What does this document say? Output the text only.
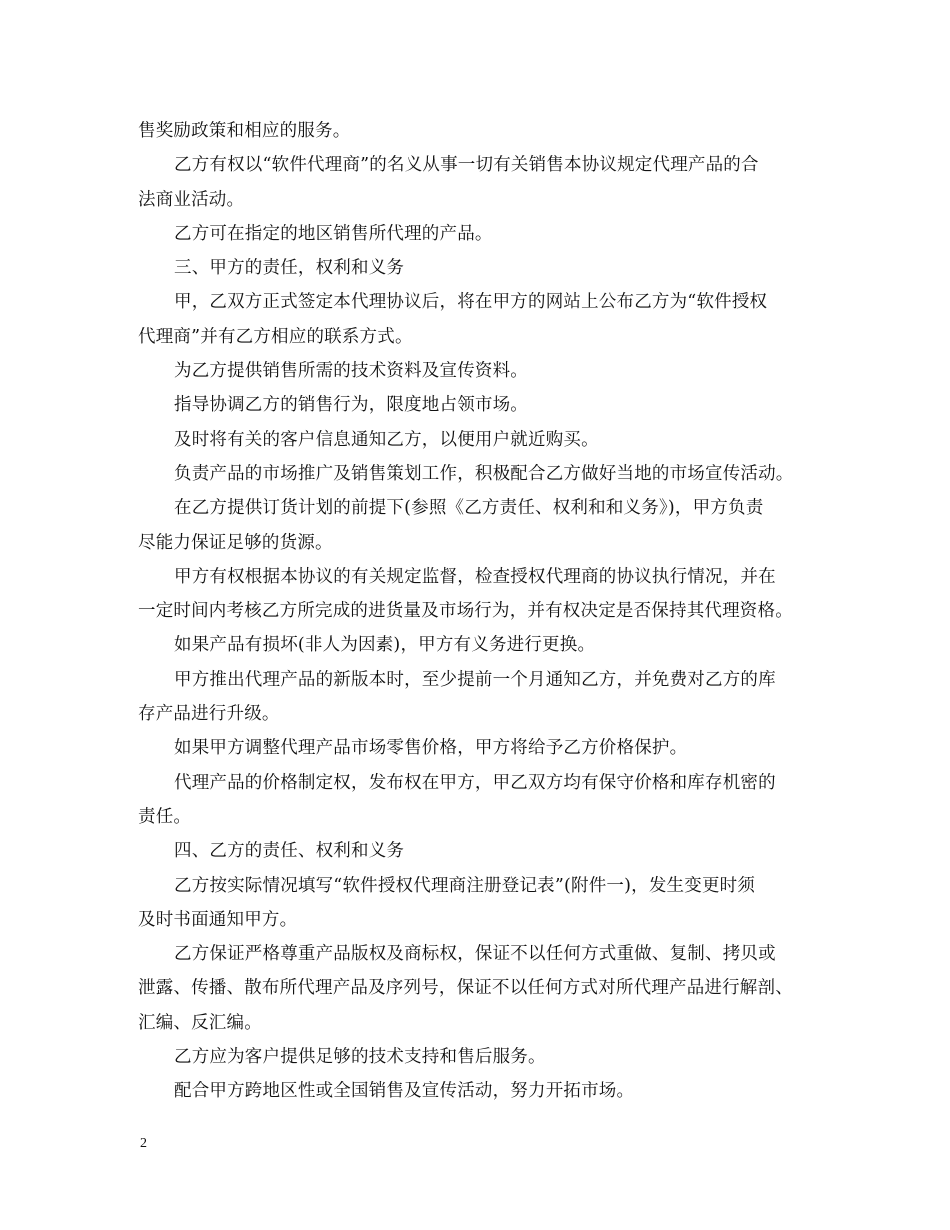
售奖励政策和相应的服务。
乙方有权以“软件代理商”的名义从事一切有关销售本协议规定代理产品的合
法商业活动。
乙方可在指定的地区销售所代理的产品。
三、甲方的责任，权利和义务
甲，乙双方正式签定本代理协议后，将在甲方的网站上公布乙方为“软件授权
代理商”并有乙方相应的联系方式。
为乙方提供销售所需的技术资料及宣传资料。
指导协调乙方的销售行为，限度地占领市场。
及时将有关的客户信息通知乙方，以便用户就近购买。
负责产品的市场推广及销售策划工作，积极配合乙方做好当地的市场宣传活动。
在乙方提供订货计划的前提下(参照《乙方责任、权利和和义务》)，甲方负责
尽能力保证足够的货源。
甲方有权根据本协议的有关规定监督，检查授权代理商的协议执行情况，并在
一定时间内考核乙方所完成的进货量及市场行为，并有权决定是否保持其代理资格。
如果产品有损坏(非人为因素)，甲方有义务进行更换。
甲方推出代理产品的新版本时，至少提前一个月通知乙方，并免费对乙方的库
存产品进行升级。
如果甲方调整代理产品市场零售价格，甲方将给予乙方价格保护。
代理产品的价格制定权，发布权在甲方，甲乙双方均有保守价格和库存机密的
责任。
四、乙方的责任、权利和义务
乙方按实际情况填写“软件授权代理商注册登记表”(附件一)，发生变更时须
及时书面通知甲方。
乙方保证严格尊重产品版权及商标权，保证不以任何方式重做、复制、拷贝或
泄露、传播、散布所代理产品及序列号，保证不以任何方式对所代理产品进行解剖、
汇编、反汇编。
乙方应为客户提供足够的技术支持和售后服务。
配合甲方跨地区性或全国销售及宣传活动，努力开拓市场。
2
